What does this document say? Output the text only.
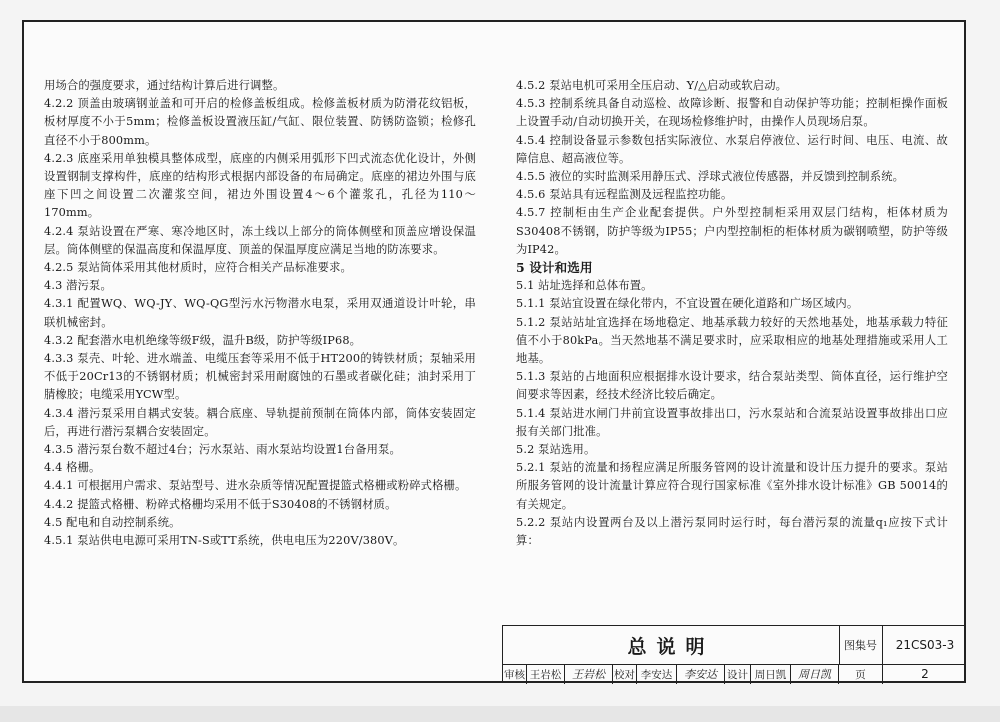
用场合的强度要求，通过结构计算后进行调整。

4.2.2 顶盖由玻璃钢並盖和可开启的检修盖板组成。检修盖板材质为防滑花纹铝板，板材厚度不小于5mm；检修盖板设置液压缸/气缸、限位装置、防锈防盗锁；检修孔直径不小于800mm。

4.2.3 底座采用单独模具整体成型，底座的内侧采用弧形下凹式流态优化设计，外侧设置钢制支撑构件，底座的结构形式根据内部设备的布局确定。底座的裙边外围与底座下凹之间设置二次灌浆空间，裙边外围设置4～6个灌浆孔，孔径为110～170mm。

4.2.4 泵站设置在严寒、寒冷地区时，冻土线以上部分的筒体侧壁和顶盖应增设保温层。筒体侧壁的保温高度和保温厚度、顶盖的保温厚度应满足当地的防冻要求。

4.2.5 泵站筒体采用其他材质时，应符合相关产品标准要求。

4.3 潜污泵。

4.3.1 配置WQ、WQ-JY、WQ-QG型污水污物潜水电泵，采用双通道设计叶轮，串联机械密封。

4.3.2 配套潜水电机绝缘等级F级，温升B级，防护等级IP68。

4.3.3 泵壳、叶轮、进水端盖、电缆压套等采用不低于HT200的铸铁材质；泵轴采用不低于20Cr13的不锈钢材质；机械密封采用耐腐蚀的石墨或者碳化硅；油封采用丁腈橡胶；电缆采用YCW型。

4.3.4 潜污泵采用自耦式安装。耦合底座、导轨提前预制在筒体内部，筒体安装固定后，再进行潜污泵耦合安装固定。

4.3.5 潜污泵台数不超过4台；污水泵站、雨水泵站均设置1台备用泵。

4.4 格栅。

4.4.1 可根据用户需求、泵站型号、进水杂质等情况配置提篮式格栅或粉碎式格栅。

4.4.2 提篮式格栅、粉碎式格栅均采用不低于S30408的不锈钢材质。

4.5 配电和自动控制系统。

4.5.1 泵站供电电源可采用TN-S或TT系统，供电电压为220V/380V。

4.5.2 泵站电机可采用全压启动、Y/△启动或软启动。

4.5.3 控制系统具备自动巡检、故障诊断、报警和自动保护等功能；控制柜操作面板上设置手动/自动切换开关，在现场检修维护时，由操作人员现场启泵。

4.5.4 控制设备显示参数包括实际液位、水泵启停液位、运行时间、电压、电流、故障信息、超高液位等。

4.5.5 液位的实时监测采用静压式、浮球式液位传感器，并反馈到控制系统。

4.5.6 泵站具有远程监测及远程监控功能。

4.5.7 控制柜由生产企业配套提供。户外型控制柜采用双层门结构，柜体材质为S30408不锈钢，防护等级为IP55；户内型控制柜的柜体材质为碳钢喷塑，防护等级为IP42。

5 设计和选用

5.1 站址选择和总体布置。

5.1.1 泵站宜设置在绿化带内，不宜设置在硬化道路和广场区域内。

5.1.2 泵站站址宜选择在场地稳定、地基承载力较好的天然地基处，地基承载力特征值不小于80kPa。当天然地基不满足要求时，应采取相应的地基处理措施或采用人工地基。

5.1.3 泵站的占地面积应根据排水设计要求，结合泵站类型、筒体直径，运行维护空间要求等因素，经技术经济比较后确定。

5.1.4 泵站进水闸门井前宜设置事故排出口，污水泵站和合流泵站设置事故排出口应报有关部门批准。

5.2 泵站选用。

5.2.1 泵站的流量和扬程应满足所服务管网的设计流量和设计压力提升的要求。泵站所服务管网的设计流量计算应符合现行国家标准《室外排水设计标准》GB 50014的有关规定。

5.2.2 泵站内设置两台及以上潜污泵同时运行时，每台潜污泵的流量q₁应按下式计算：

总说明	图集号	21CS03-3
审核 王岩松 王岩松 校对 李安达	李安达 设计 周日凯	周日凯	页	2
